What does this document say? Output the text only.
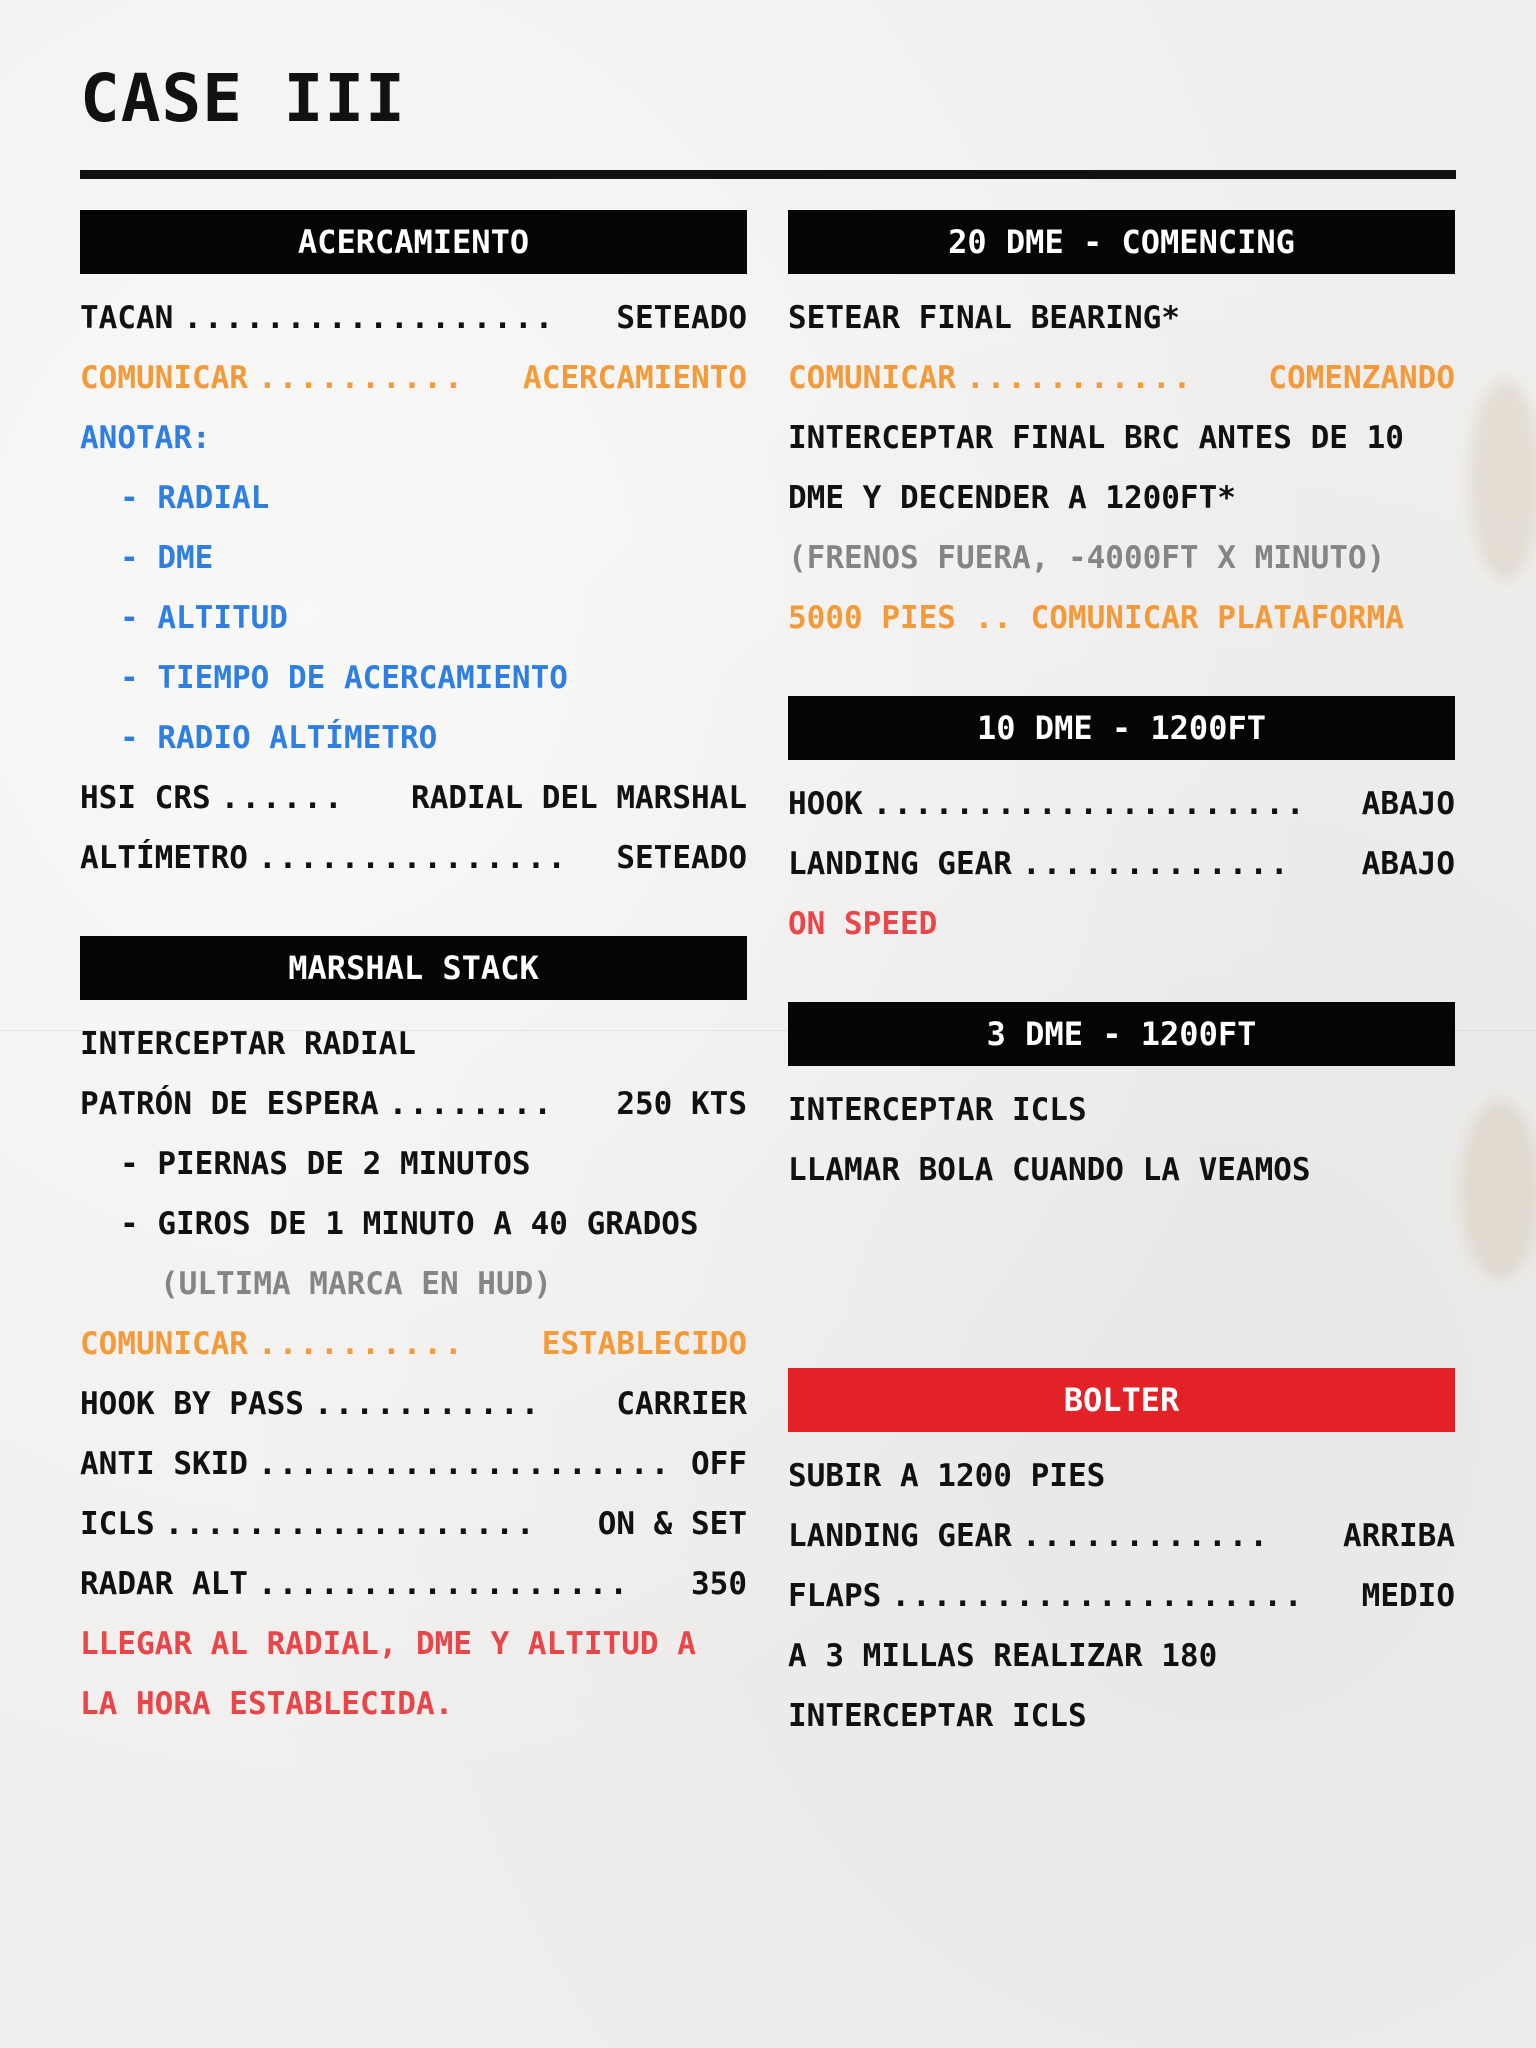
CASE III
ACERCAMIENTO
TACAN ..................	SETEADO
COMUNICAR ..........	ACERCAMIENTO
ANOTAR:
- RADIAL
- DME
- ALTITUD
- TIEMPO DE ACERCAMIENTO
- RADIO ALTÍMETRO
HSI CRS ......	RADIAL DEL MARSHAL
ALTÍMETRO ...............	SETEADO
MARSHAL STACK
INTERCEPTAR RADIAL
PATRÓN DE ESPERA ........	250 KTS
- PIERNAS DE 2 MINUTOS
- GIROS DE 1 MINUTO A 40 GRADOS
(ULTIMA MARCA EN HUD)
COMUNICAR ..........	ESTABLECIDO
HOOK BY PASS ...........	CARRIER
ANTI SKID .................... OFF
ICLS ..................	ON & SET
RADAR ALT ..................	350
LLEGAR AL RADIAL, DME Y ALTITUD A
LA HORA ESTABLECIDA.
20 DME - COMENCING
SETEAR FINAL BEARING*
COMUNICAR ...........	COMENZANDO
INTERCEPTAR FINAL BRC ANTES DE 10
DME Y DECENDER A 1200FT*
(FRENOS FUERA, -4000FT X MINUTO)
5000 PIES .. COMUNICAR PLATAFORMA
10 DME - 1200FT
HOOK .....................	ABAJO
LANDING GEAR .............	ABAJO
ON SPEED
3 DME - 1200FT
INTERCEPTAR ICLS
LLAMAR BOLA CUANDO LA VEAMOS
BOLTER
SUBIR A 1200 PIES
LANDING GEAR ............	ARRIBA
FLAPS ....................	MEDIO
A 3 MILLAS REALIZAR 180
INTERCEPTAR ICLS
